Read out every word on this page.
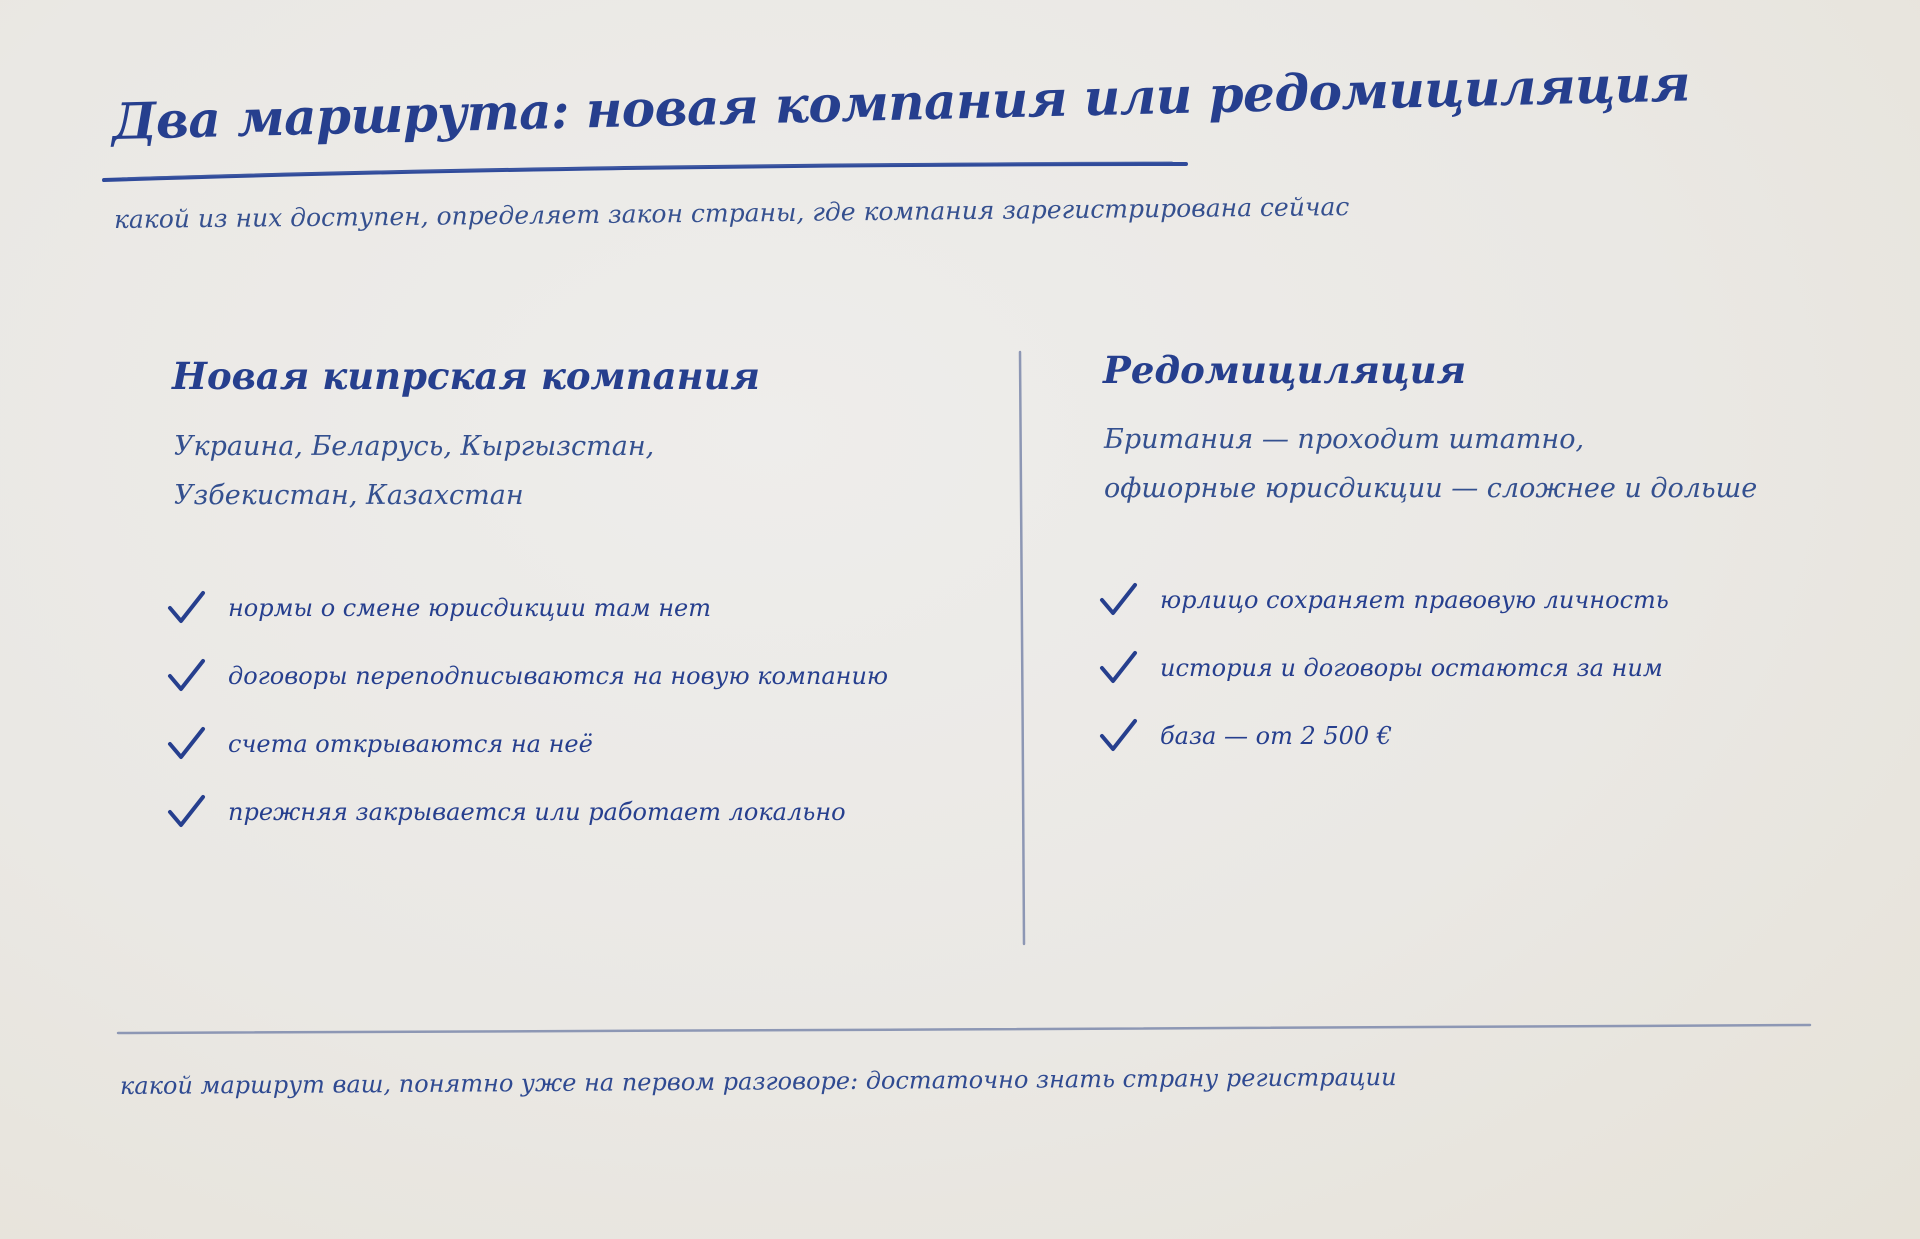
Два маршрута: новая компания или редомициляция
какой из них доступен, определяет закон страны, где компания зарегистрирована сейчас
Новая кипрская компания
Украина, Беларусь, Кыргызстан,
Узбекистан, Казахстан
нормы о смене юрисдикции там нет
договоры переподписываются на новую компанию
счета открываются на неё
прежняя закрывается или работает локально
Редомициляция
Британия — проходит штатно,
офшорные юрисдикции — сложнее и дольше
юрлицо сохраняет правовую личность
история и договоры остаются за ним
база — от 2 500 €
какой маршрут ваш, понятно уже на первом разговоре: достаточно знать страну регистрации
